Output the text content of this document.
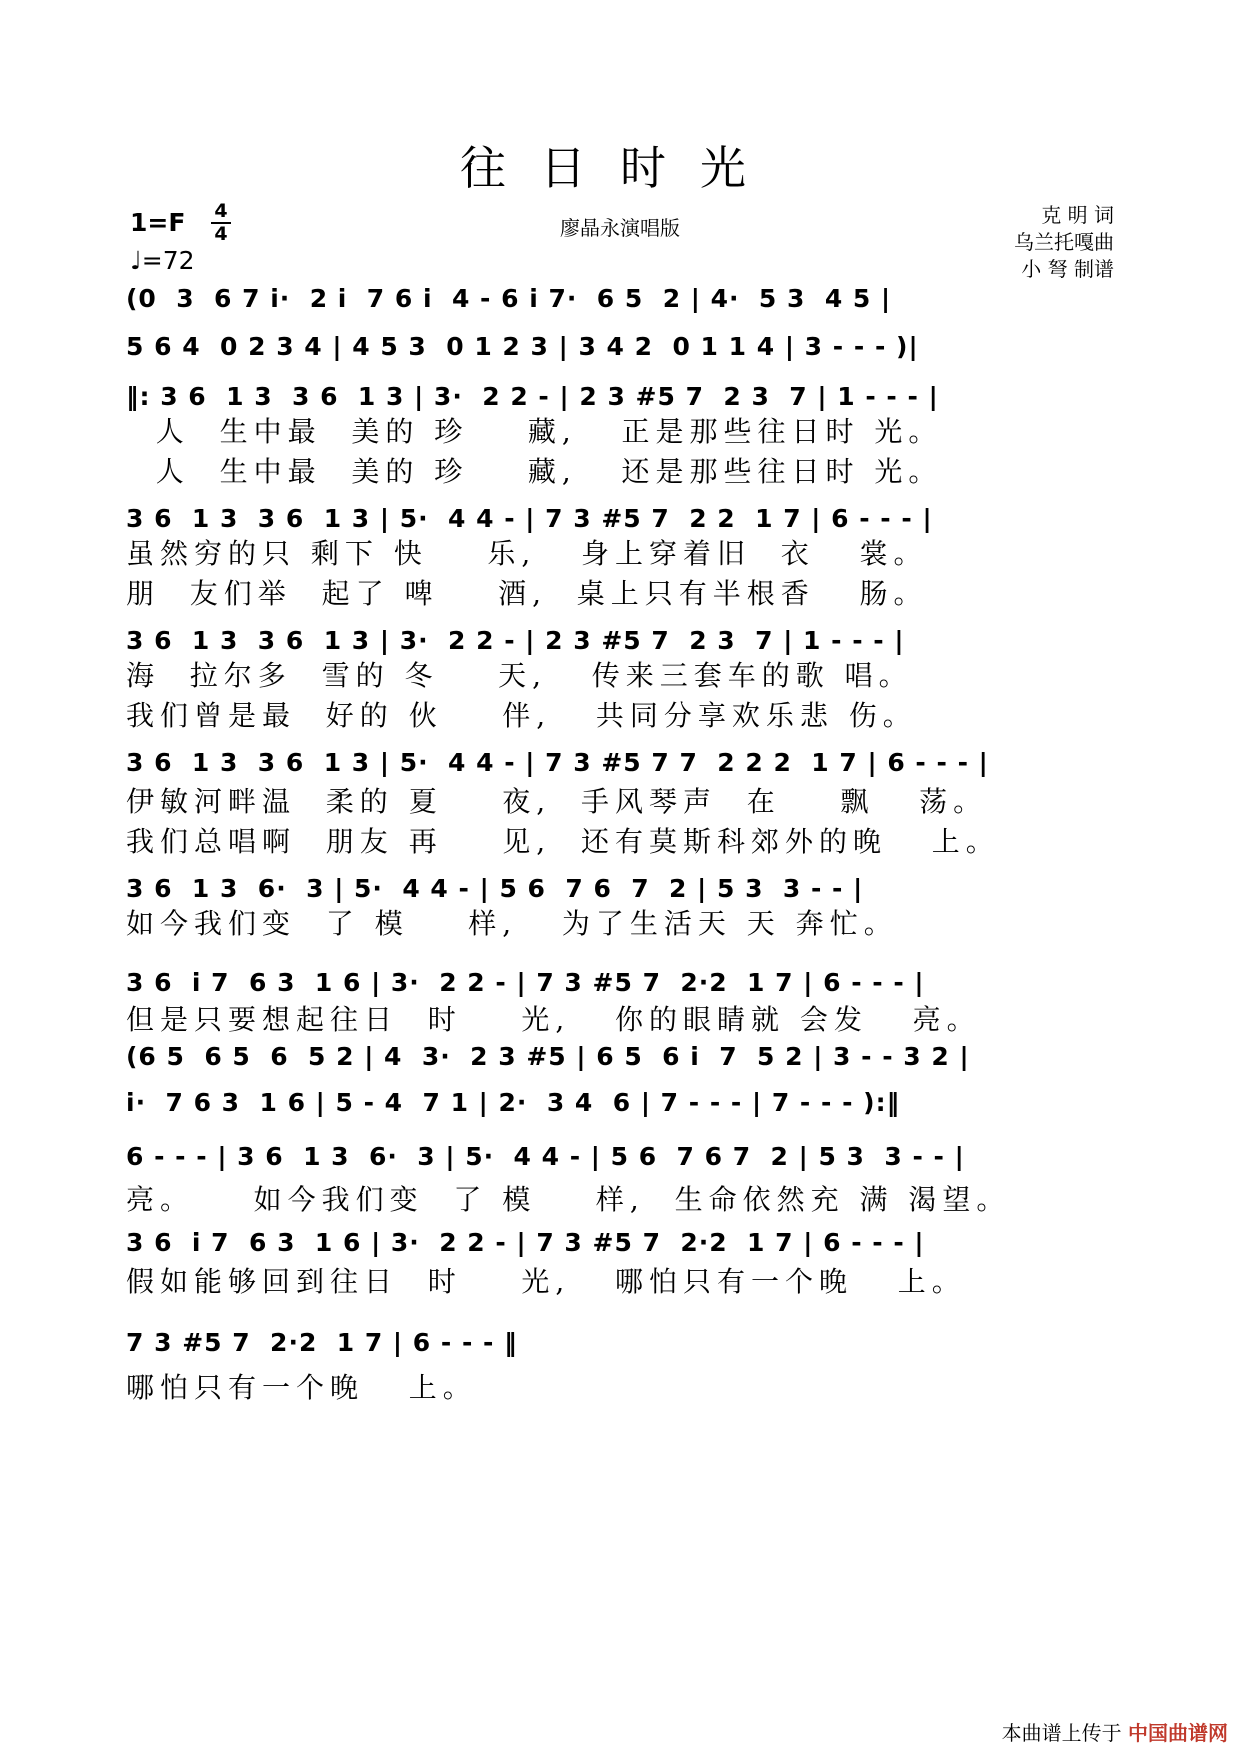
往日时光
1=F 4
4
♩=72
廖晶永演唱版
克 明 词
乌兰托嘎曲
小 弩 制谱
(0  3  6 7 i·  2 i  7 6 i  4 - 6 i 7·  6 5  2 | 4·  5 3  4 5 |
5 6 4  0 2 3 4 | 4 5 3  0 1 2 3 | 3 4 2  0 1 1 4 | 3 - - - )|
‖: 3 6  1 3  3 6  1 3 | 3·  2 2 - | 2 3 #5 7  2 3  7 | 1 - - - |
人  生中最  美的 珍    藏,   正是那些往日时 光。
人  生中最  美的 珍    藏,   还是那些往日时 光。
3 6  1 3  3 6  1 3 | 5·  4 4 - | 7 3 #5 7  2 2  1 7 | 6 - - - |
虽然穷的只 剩下 快    乐,   身上穿着旧  衣   裳。
朋  友们举  起了 啤    酒,  桌上只有半根香   肠。
3 6  1 3  3 6  1 3 | 3·  2 2 - | 2 3 #5 7  2 3  7 | 1 - - - |
海  拉尔多  雪的 冬    天,   传来三套车的歌 唱。
我们曾是最  好的 伙    伴,   共同分享欢乐悲 伤。
3 6  1 3  3 6  1 3 | 5·  4 4 - | 7 3 #5 7 7  2 2 2  1 7 | 6 - - - |
伊敏河畔温  柔的 夏    夜,  手风琴声  在    飘   荡。
我们总唱啊  朋友 再    见,  还有莫斯科郊外的晚   上。
3 6  1 3  6·  3 | 5·  4 4 - | 5 6  7 6  7  2 | 5 3  3 - - |
如今我们变  了 模    样,   为了生活天 天 奔忙。
3 6  i 7  6 3  1 6 | 3·  2 2 - | 7 3 #5 7  2·2  1 7 | 6 - - - |
但是只要想起往日  时    光,   你的眼睛就 会发   亮。
(6 5  6 5  6  5 2 | 4  3·  2 3 #5 | 6 5  6 i  7  5 2 | 3 - - 3 2 |
i·  7 6 3  1 6 | 5 - 4  7 1 | 2·  3 4  6 | 7 - - - | 7 - - - ):‖
6 - - - | 3 6  1 3  6·  3 | 5·  4 4 - | 5 6  7 6 7  2 | 5 3  3 - - |
亮。    如今我们变  了 模    样,  生命依然充 满 渴望。
3 6  i 7  6 3  1 6 | 3·  2 2 - | 7 3 #5 7  2·2  1 7 | 6 - - - |
假如能够回到往日  时    光,   哪怕只有一个晚   上。
7 3 #5 7  2·2  1 7 | 6 - - - ‖
哪怕只有一个晚   上。
本曲谱上传于 中国曲谱网
